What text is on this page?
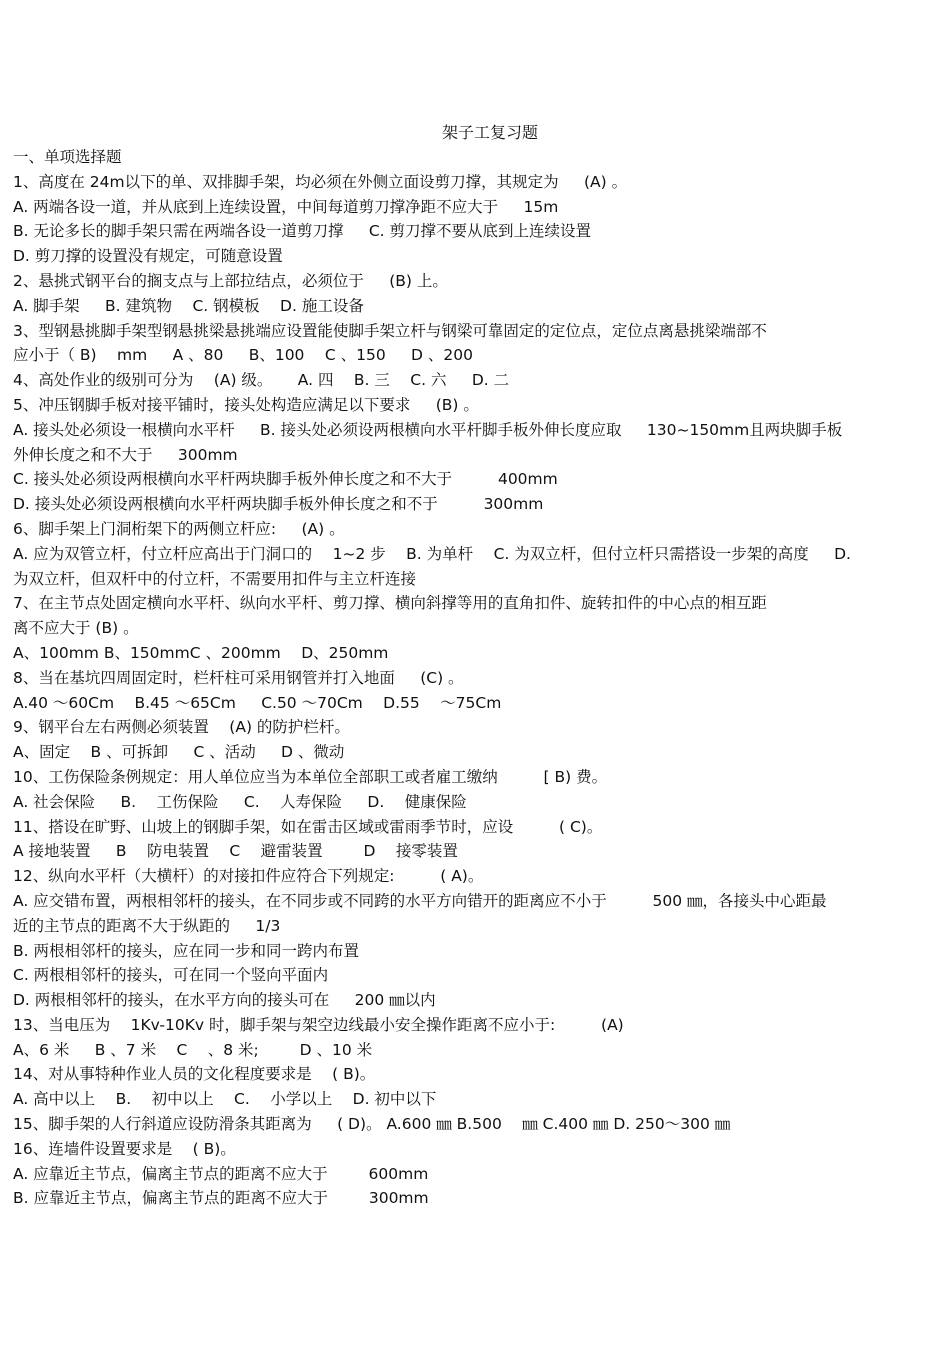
架子工复习题
一、单项选择题
1、高度在 24m以下的单、双排脚手架，均必须在外侧立面设剪刀撑，其规定为 　 (A) 。
A. 两端各设一道，并从底到上连续设置，中间每道剪刀撑净距不应大于 　 15m
B. 无论多长的脚手架只需在两端各设一道剪刀撑 　 C. 剪刀撑不要从底到上连续设置
D. 剪刀撑的设置没有规定，可随意设置
2、悬挑式钢平台的搁支点与上部拉结点，必须位于 　 (B) 上。
A. 脚手架 　 B. 建筑物 　C. 钢模板 　D. 施工设备
3、型钢悬挑脚手架型钢悬挑梁悬挑端应设置能使脚手架立杆与钢梁可靠固定的定位点，定位点离悬挑梁端部不
应小于（ B) 　mm 　 A 、80 　 B、100 　C 、150 　 D 、200
4、高处作业的级别可分为 　(A) 级。 　 A. 四 　B. 三 　C. 六 　 D. 二
5、冲压钢脚手板对接平铺时，接头处构造应满足以下要求 　 (B) 。
A. 接头处必须设一根横向水平杆 　 B. 接头处必须设两根横向水平杆脚手板外伸长度应取 　 130~150mm且两块脚手板
外伸长度之和不大于 　 300mm
C. 接头处必须设两根横向水平杆两块脚手板外伸长度之和不大于 　 　 400mm
D. 接头处必须设两根横向水平杆两块脚手板外伸长度之和不于 　 　 300mm
6、脚手架上门洞桁架下的两侧立杆应: 　 (A) 。
A. 应为双管立杆，付立杆应高出于门洞口的 　1~2 步 　B. 为单杆 　C. 为双立杆，但付立杆只需搭设一步架的高度 　 D.
为双立杆，但双杆中的付立杆，不需要用扣件与主立杆连接
7、在主节点处固定横向水平杆、纵向水平杆、剪刀撑、横向斜撑等用的直角扣件、旋转扣件的中心点的相互距
离不应大于 (B) 。
A、100mm B、150mmC 、200mm 　D、250mm
8、当在基坑四周固定时，栏杆柱可采用钢管并打入地面 　 (C) 。
A.40 ～60Cm 　B.45 ～65Cm 　 C.50 ～70Cm 　D.55 　～75Cm
9、钢平台左右两侧必须装置 　(A) 的防护栏杆。
A、固定 　B 、可拆卸 　 C 、活动 　 D 、微动
10、工伤保险条例规定：用人单位应当为本单位全部职工或者雇工缴纳 　 　 [ B) 费。
A. 社会保险 　 B. 　工伤保险 　 C. 　人寿保险 　 D. 　健康保险
11、搭设在旷野、山坡上的钢脚手架，如在雷击区域或雷雨季节时，应设 　 　 ( C)。
A 接地装置 　 B 　防电装置 　C 　避雷装置 　 　D 　接零装置
12、纵向水平杆（大横杆）的对接扣件应符合下列规定: 　 　 ( A)。
A. 应交错布置，两根相邻杆的接头，在不同步或不同跨的水平方向错开的距离应不小于 　 　 500 ㎜，各接头中心距最
近的主节点的距离不大于纵距的 　 1/3
B. 两根相邻杆的接头，应在同一步和同一跨内布置
C. 两根相邻杆的接头，可在同一个竖向平面内
D. 两根相邻杆的接头，在水平方向的接头可在 　 200 ㎜以内
13、当电压为 　1Kv-10Kv 时，脚手架与架空边线最小安全操作距离不应小于: 　 　 (A)
A、6 米 　 B 、7 米 　C 　、8 米; 　 　D 、10 米
14、对从事特种作业人员的文化程度要求是 　( B)。
A. 高中以上 　B. 　初中以上 　C. 　小学以上 　D. 初中以下
15、脚手架的人行斜道应设防滑条其距离为 　 ( D)。 A.600 ㎜ B.500 　㎜ C.400 ㎜ D. 250～300 ㎜
16、连墙件设置要求是 　( B)。
A. 应靠近主节点，偏离主节点的距离不应大于 　 　600mm
B. 应靠近主节点，偏离主节点的距离不应大于 　 　300mm
